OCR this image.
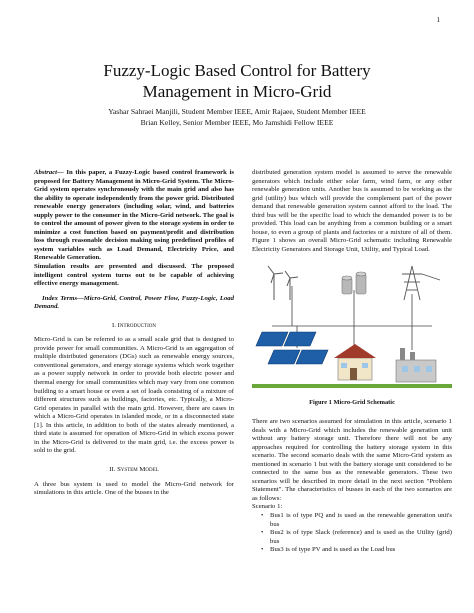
1
Fuzzy-Logic Based Control for Battery
Management in Micro-Grid
Yashar Sahraei Manjili, Student Member IEEE, Amir Rajaee, Student Member IEEE
Brian Kelley, Senior Member IEEE, Mo Jamshidi Fellow IEEE

Abstract— In this paper, a Fuzzy-Logic based control framework is proposed for Battery Management in Micro-Grid System. The Micro-Grid system operates synchronously with the main grid and also has the ability to operate independently from the power grid. Distributed renewable energy generators (including solar, wind, and batteries supply power to the consumer in the Micro-Grid network. The goal is to control the amount of power given to the storage system in order to minimize a cost function based on payment/profit and distribution loss through reasonable decision making using predefined profiles of system variables such as Load Demand, Electricity Price, and Renewable Generation.

Simulation results are presented and discussed. The proposed intelligent control system turns out to be capable of achieving effective energy management.

Index Terms—Micro-Grid, Control, Power Flow, Fuzzy-Logic, Load Demand.

I. Introduction

Micro-Grid is can be referred to as a small scale grid that is designed to provide power for small communities. A Micro-Grid is an aggregation of multiple distributed generators (DGs) such as renewable energy sources, conventional generators, and energy storage systems which work together as a power supply network in order to provide both electric power and thermal energy for small communities which may vary from one common building to a smart house or even a set of loads consisting of a mixture of different structures such as buildings, factories, etc. Typically, a Micro-Grid operates in parallel with the main grid. However, there are cases in which a Micro-Grid operates in islanded mode, or in a disconnected state [1]. In this article, in addition to both of the states already mentioned, a third state is assumed for operation of Micro-Grid in which excess power in the Micro-Grid is delivered to the main grid, i.e. the excess power is sold to the grid.

II. System Model

A three bus system is used to model the Micro-Grid network for simulations in this article. One of the busses in the

distributed generation system model is assumed to serve the renewable generators which include either solar farm, wind farm, or any other renewable generation units. Another bus is assumed to be working as the grid (utility) bus which will provide the complement part of the power demand that renewable generation system cannot afford to the load. The third bus will be the specific load to which the demanded power is to be provided. This load can be anything from a common building or a smart house, to even a group of plants and factories or a mixture of all of them. Figure 1 shows an overall Micro-Grid schematic including Renewable Electricity Generators and Storage Unit, Utility, and Typical Load.

Figure 1 Micro-Grid Schematic

There are two scenarios assumed for simulation in this article, scenario 1 deals with a Micro-Grid which includes the renewable generation unit without any battery storage unit. Therefore there will not be any approaches required for controlling the battery storage system in this scenario. The second scenario deals with the same Micro-Grid system as mentioned in scenario 1 but with the battery storage unit considered to be connected to the same bus as the renewable generators. These two scenarios will be described in more detail in the next section "Problem Statement". The characteristics of busses in each of the two scenarios are as follows:

Scenario 1:

• Bus1 is of type PQ and is used as the renewable generation unit's bus

• Bus2 is of type Slack (reference) and is used as the Utility (grid) bus

• Bus3 is of type PV and is used as the Load bus
